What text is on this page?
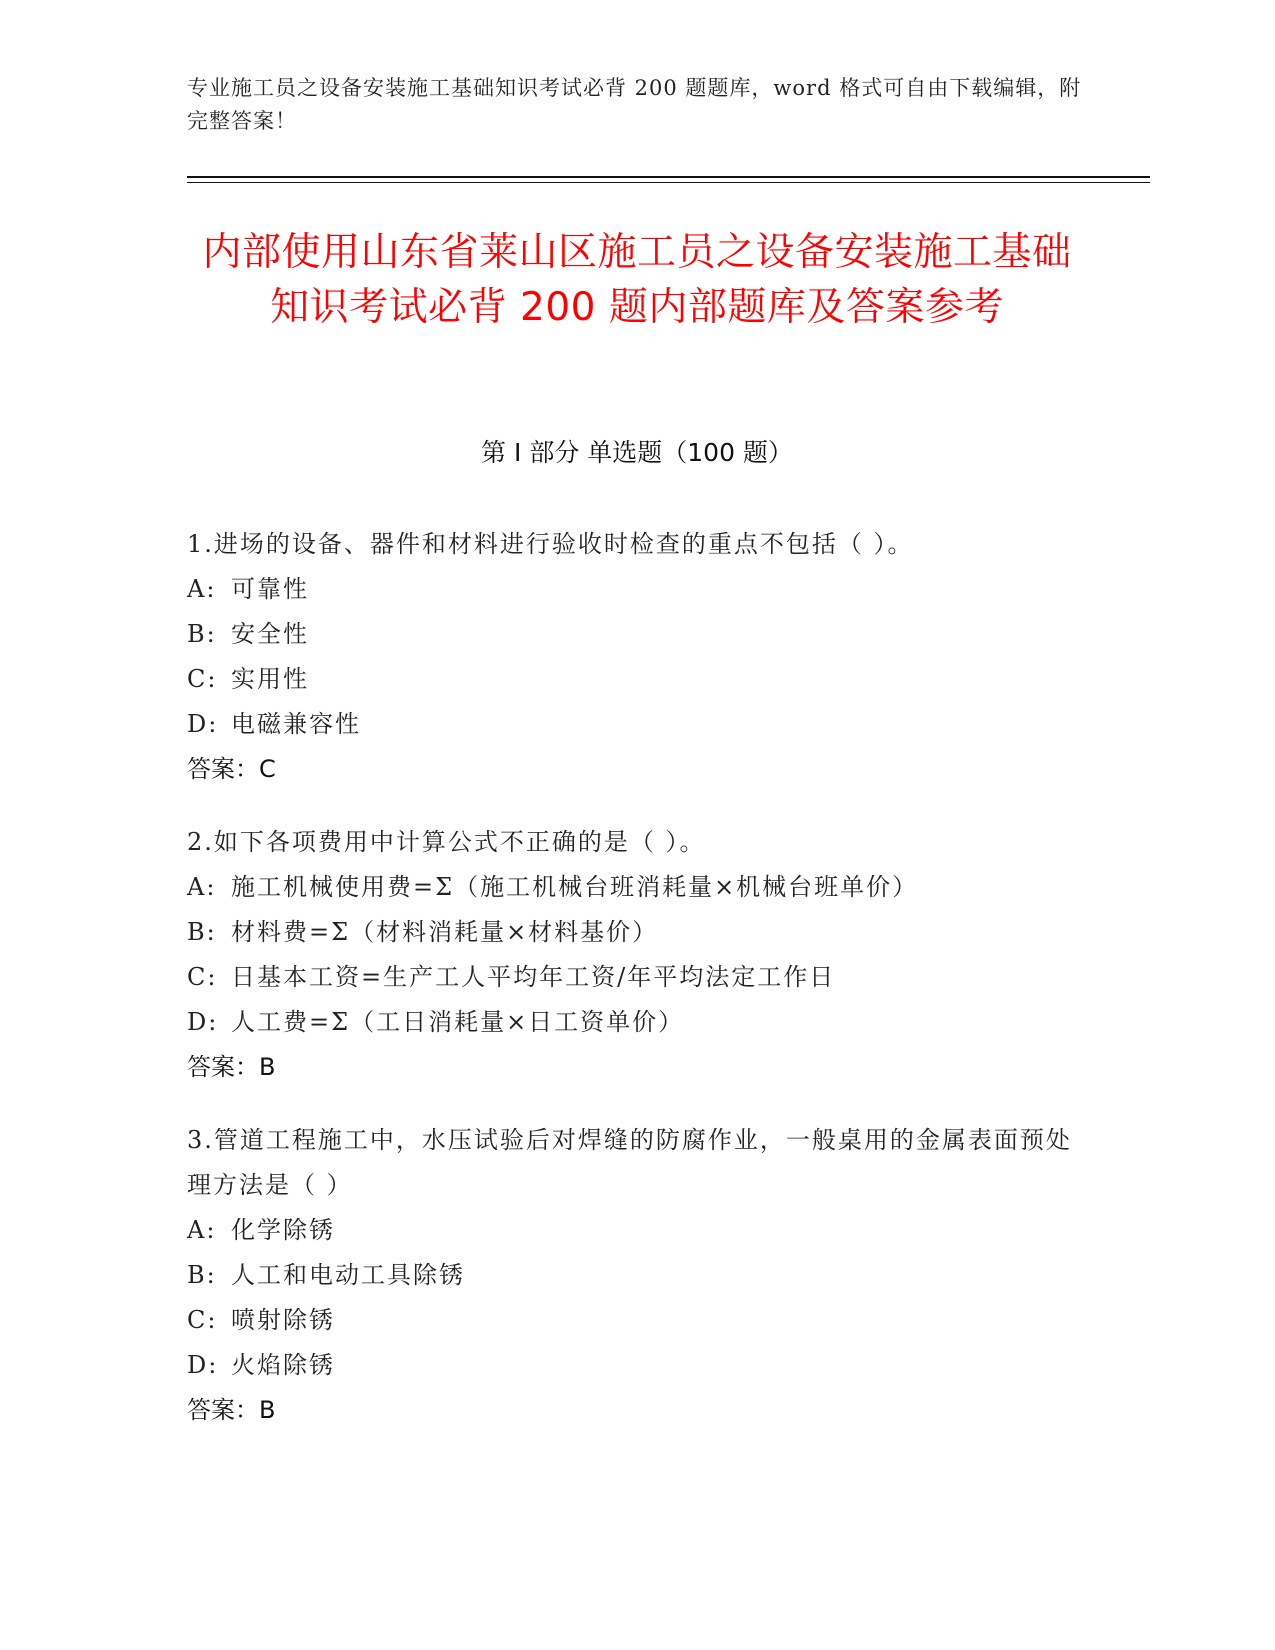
专业施工员之设备安装施工基础知识考试必背 200 题题库，word 格式可自由下载编辑，附完整答案！
内部使用山东省莱山区施工员之设备安装施工基础知识考试必背 200 题内部题库及答案参考
第 I 部分 单选题（100 题）
1.进场的设备、器件和材料进行验收时检查的重点不包括（ ）。
A: 可靠性
B: 安全性
C: 实用性
D: 电磁兼容性
答案：C
2.如下各项费用中计算公式不正确的是（ ）。
A: 施工机械使用费=Σ（施工机械台班消耗量×机械台班单价）
B: 材料费=Σ（材料消耗量×材料基价）
C: 日基本工资=生产工人平均年工资/年平均法定工作日
D: 人工费=Σ（工日消耗量×日工资单价）
答案：B
3.管道工程施工中，水压试验后对焊缝的防腐作业，一般桌用的金属表面预处理方法是（ ）
A: 化学除锈
B: 人工和电动工具除锈
C: 喷射除锈
D: 火焰除锈
答案：B
